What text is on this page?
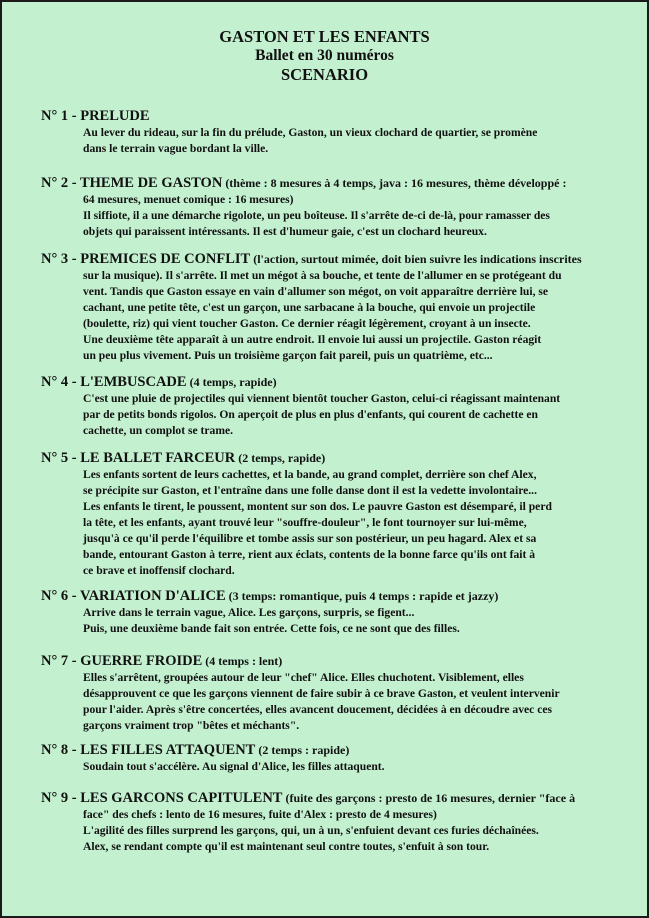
GASTON ET LES ENFANTS
Ballet en 30 numéros
SCENARIO
N° 1 - PRELUDE
Au lever du rideau, sur la fin du prélude, Gaston, un vieux clochard de quartier, se promène
dans le terrain vague bordant la ville.
N° 2 - THEME DE GASTON (thème : 8 mesures à 4 temps, java : 16 mesures, thème développé :
64 mesures, menuet comique : 16 mesures)
Il siffiote, il a une démarche rigolote, un peu boîteuse. Il s'arrête de-ci de-là, pour ramasser des
objets qui paraissent intéressants. Il est d'humeur gaie, c'est un clochard heureux.
N° 3 - PREMICES DE CONFLIT (l'action, surtout mimée, doit bien suivre les indications inscrites
sur la musique). Il s'arrête. Il met un mégot à sa bouche, et tente de l'allumer en se protégeant du
vent. Tandis que Gaston essaye en vain d'allumer son mégot, on voit apparaître derrière lui, se
cachant, une petite tête, c'est un garçon, une sarbacane à la bouche, qui envoie un projectile
(boulette, riz) qui vient toucher Gaston. Ce dernier réagit légèrement, croyant à un insecte.
Une deuxième tête apparaît à un autre endroit. Il envoie lui aussi un projectile. Gaston réagit
un peu plus vivement. Puis un troisième garçon fait pareil, puis un quatrième, etc...
N° 4 - L'EMBUSCADE (4 temps, rapide)
C'est une pluie de projectiles qui viennent bientôt toucher Gaston, celui-ci réagissant maintenant
par de petits bonds rigolos. On aperçoit de plus en plus d'enfants, qui courent de cachette en
cachette, un complot se trame.
N° 5 - LE BALLET FARCEUR (2 temps, rapide)
Les enfants sortent de leurs cachettes, et la bande, au grand complet, derrière son chef Alex,
se précipite sur Gaston, et l'entraîne dans une folle danse dont il est la vedette involontaire...
Les enfants le tirent, le poussent, montent sur son dos. Le pauvre Gaston est désemparé, il perd
la tête, et les enfants, ayant trouvé leur "souffre-douleur", le font tournoyer sur lui-même,
jusqu'à ce qu'il perde l'équilibre et tombe assis sur son postérieur, un peu hagard. Alex et sa
bande, entourant Gaston à terre, rient aux éclats, contents de la bonne farce qu'ils ont fait à
ce brave et inoffensif clochard.
N° 6 - VARIATION D'ALICE (3 temps: romantique, puis 4 temps : rapide et jazzy)
Arrive dans le terrain vague, Alice. Les garçons, surpris, se figent...
Puis, une deuxième bande fait son entrée. Cette fois, ce ne sont que des filles.
N° 7 - GUERRE FROIDE (4 temps : lent)
Elles s'arrêtent, groupées autour de leur "chef" Alice. Elles chuchotent. Visiblement, elles
désapprouvent ce que les garçons viennent de faire subir à ce brave Gaston, et veulent intervenir
pour l'aider. Après s'être concertées, elles avancent doucement, décidées à en découdre avec ces
garçons vraiment trop "bêtes et méchants".
N° 8 - LES FILLES ATTAQUENT (2 temps : rapide)
Soudain tout s'accélère. Au signal d'Alice, les filles attaquent.
N° 9 - LES GARCONS CAPITULENT (fuite des garçons : presto de 16 mesures, dernier "face à
face" des chefs : lento de 16 mesures, fuite d'Alex : presto de 4 mesures)
L'agilité des filles surprend les garçons, qui, un à un, s'enfuient devant ces furies déchaînées.
Alex, se rendant compte qu'il est maintenant seul contre toutes, s'enfuit à son tour.
